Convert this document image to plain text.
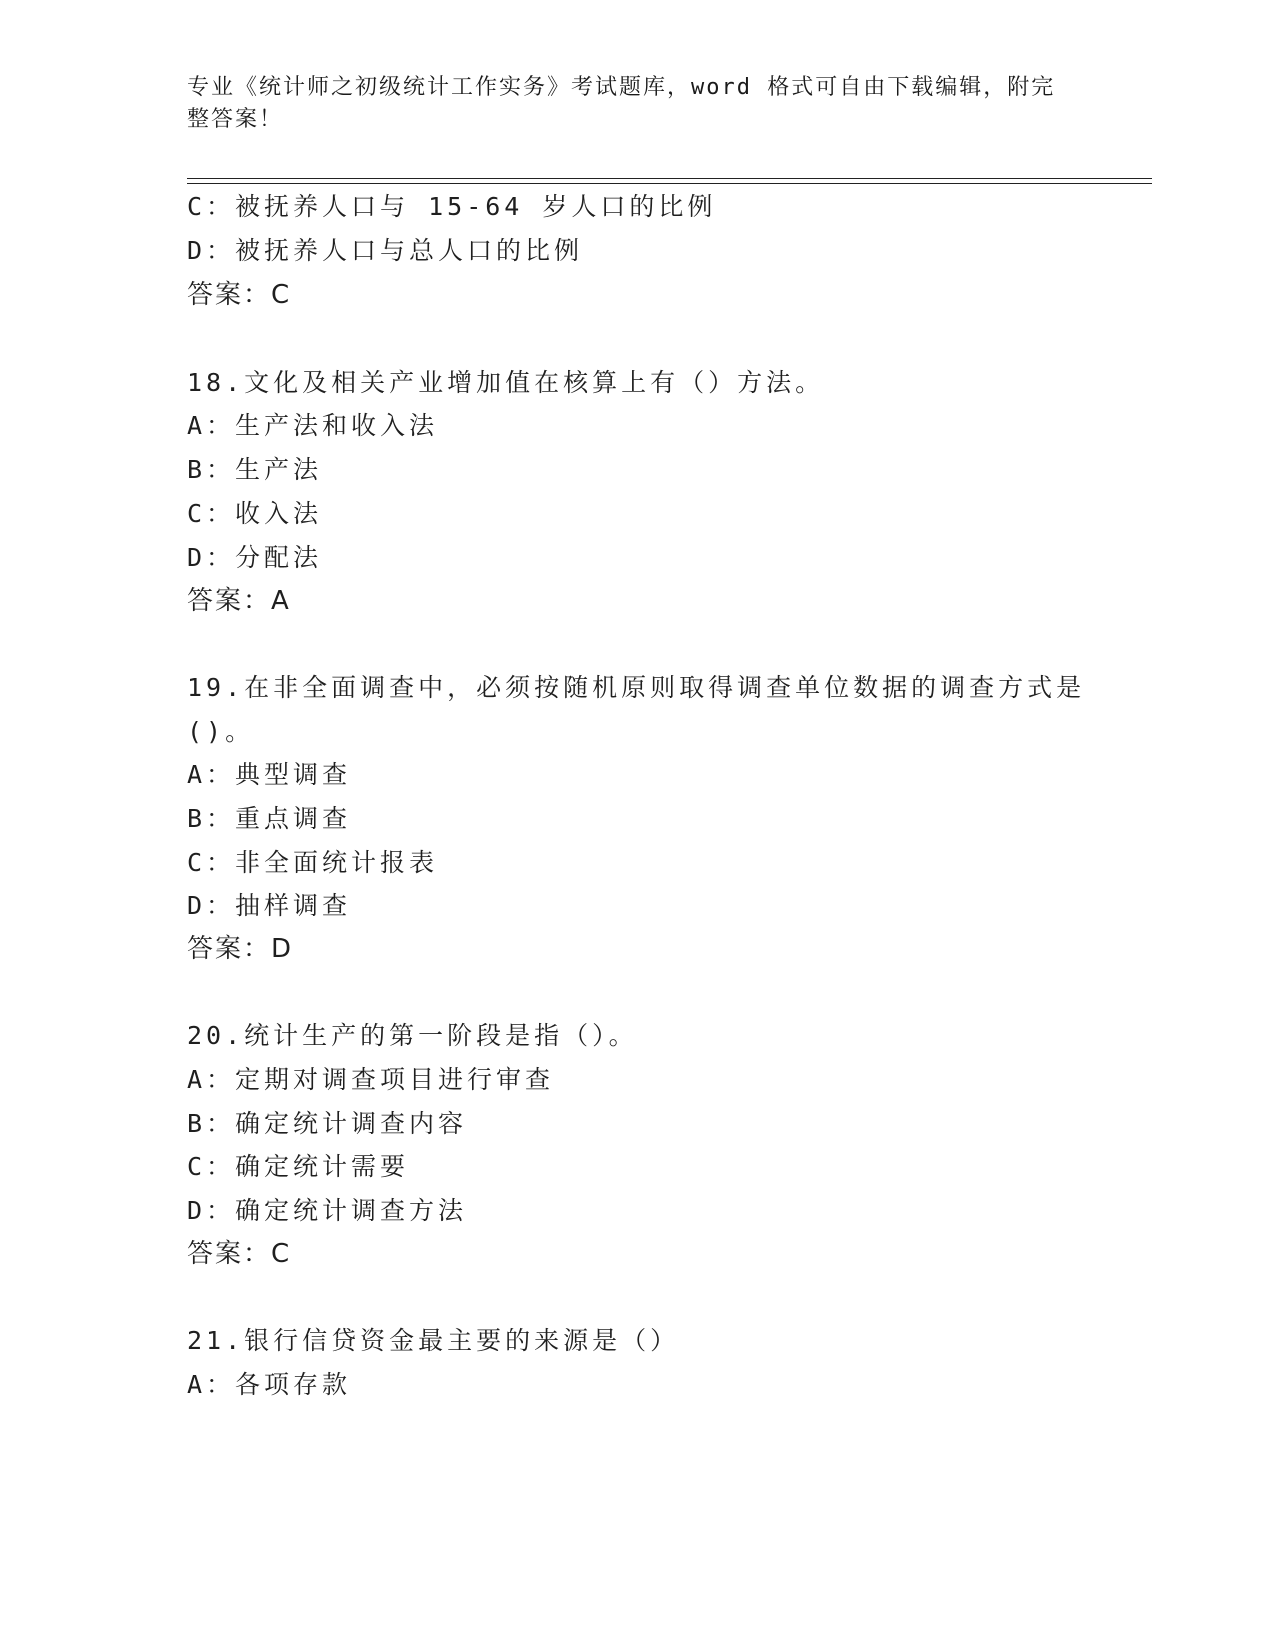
专业《统计师之初级统计工作实务》考试题库，word 格式可自由下载编辑，附完
整答案！
C：被抚养人口与 15-64 岁人口的比例
D：被抚养人口与总人口的比例
答案：C
18.文化及相关产业增加值在核算上有（）方法。
A：生产法和收入法
B：生产法
C：收入法
D：分配法
答案：A
19.在非全面调查中，必须按随机原则取得调查单位数据的调查方式是
()。
A：典型调查
B：重点调查
C：非全面统计报表
D：抽样调查
答案：D
20.统计生产的第一阶段是指（）。
A：定期对调查项目进行审查
B：确定统计调查内容
C：确定统计需要
D：确定统计调查方法
答案：C
21.银行信贷资金最主要的来源是（）
A：各项存款
